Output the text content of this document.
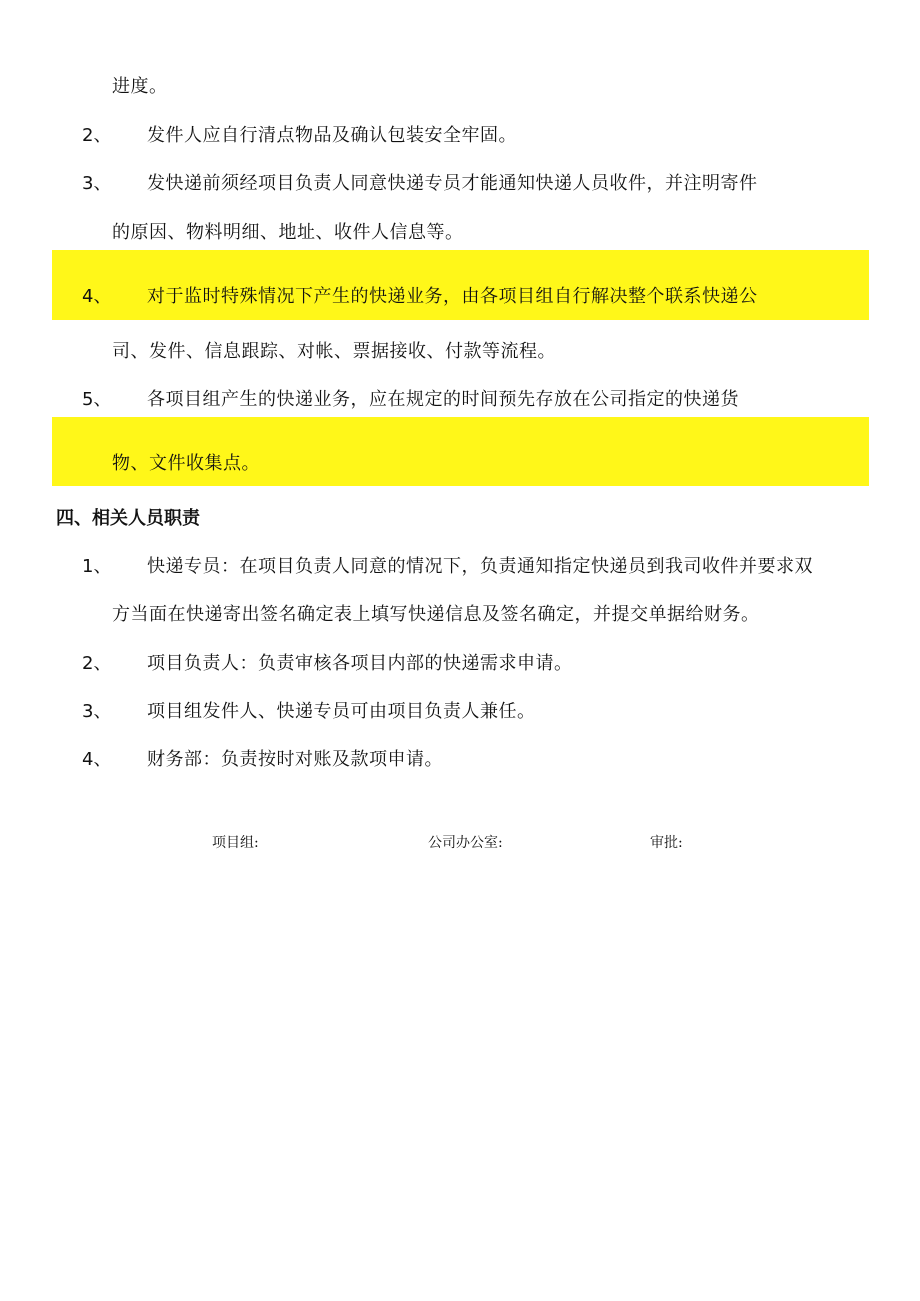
进度。
2、 发件人应自行清点物品及确认包装安全牢固。
3、 发快递前须经项目负责人同意快递专员才能通知快递人员收件，并注明寄件
的原因、物料明细、地址、收件人信息等。
4、 对于监时特殊情况下产生的快递业务，由各项目组自行解决整个联系快递公
司、发件、信息跟踪、对帐、票据接收、付款等流程。
5、 各项目组产生的快递业务，应在规定的时间预先存放在公司指定的快递货
物、文件收集点。
四、相关人员职责
1、 快递专员：在项目负责人同意的情况下，负责通知指定快递员到我司收件并要求双
方当面在快递寄出签名确定表上填写快递信息及签名确定，并提交单据给财务。
2、 项目负责人：负责审核各项目内部的快递需求申请。
3、 项目组发件人、快递专员可由项目负责人兼任。
4、 财务部：负责按时对账及款项申请。
项目组:	公司办公室:	审批:
